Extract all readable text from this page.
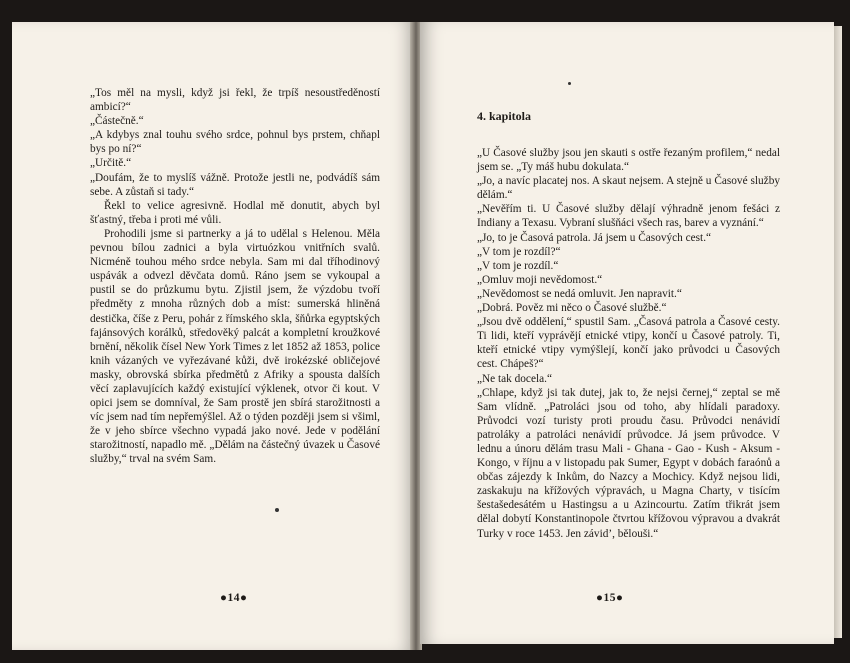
„Tos měl na mysli, když jsi řekl, že trpíš nesoustředěností ambicí?“

„Částečně.“

„A kdybys znal touhu svého srdce, pohnul bys prstem, chňapl bys po ní?“

„Určitě.“

„Doufám, že to myslíš vážně. Protože jestli ne, podvádíš sám sebe. A zůstaň si tady.“

Řekl to velice agresivně. Hodlal mě donutit, abych byl šťastný, třeba i proti mé vůli.

Prohodili jsme si partnerky a já to udělal s Helenou. Měla pevnou bílou zadnici a byla virtuózkou vnitřních svalů. Nicméně touhou mého srdce nebyla. Sam mi dal tříhodinový uspávák a odvezl děvčata domů. Ráno jsem se vykoupal a pustil se do průzkumu bytu. Zjistil jsem, že výzdobu tvoří předměty z mnoha různých dob a míst: sumerská hliněná destička, číše z Peru, pohár z římského skla, šňůrka egyptských fajánsových korálků, středověký palcát a kompletní kroužkové brnění, několik čísel New York Times z let 1852 až 1853, police knih vázaných ve vyřezávané kůži, dvě irokézské obličejové masky, obrovská sbírka předmětů z Afriky a spousta dalších věcí zaplavujících každý existující výklenek, otvor či kout. V opici jsem se domníval, že Sam prostě jen sbírá starožitnosti a víc jsem nad tím nepřemýšlel. Až o týden později jsem si všiml, že v jeho sbírce všechno vypadá jako nové. Jede v podělání starožitností, napadlo mě. „Dělám na částečný úvazek u Časové služby,“ trval na svém Sam.

●14●
4. kapitola

„U Časové služby jsou jen skauti s ostře řezaným profilem,“ nedal jsem se. „Ty máš hubu dokulata.“

„Jo, a navíc placatej nos. A skaut nejsem. A stejně u Časové služby dělám.“

„Nevěřím ti. U Časové služby dělají výhradně jenom fešáci z Indiany a Texasu. Vybraní slušňáci všech ras, barev a vyznání.“

„Jo, to je Časová patrola. Já jsem u Časových cest.“

„V tom je rozdíl?“

„V tom je rozdíl.“

„Omluv moji nevědomost.“

„Nevědomost se nedá omluvit. Jen napravit.“

„Dobrá. Pověz mi něco o Časové službě.“

„Jsou dvě oddělení,“ spustil Sam. „Časová patrola a Časové cesty. Ti lidi, kteří vyprávějí etnické vtipy, končí u Časové patroly. Ti, kteří etnické vtipy vymýšlejí, končí jako průvodci u Časových cest. Chápeš?“

„Ne tak docela.“

„Chlape, když jsi tak dutej, jak to, že nejsi černej,“ zeptal se mě Sam vlídně. „Patroláci jsou od toho, aby hlídali paradoxy. Průvodci vozí turisty proti proudu času. Průvodci nenávidí patroláky a patroláci nenávidí průvodce. Já jsem průvodce. V lednu a únoru dělám trasu Mali - Ghana - Gao - Kush - Aksum - Kongo, v říjnu a v listopadu pak Sumer, Egypt v dobách faraónů a občas zájezdy k Inkům, do Nazcy a Mochicy. Když nejsou lidi, zaskakuju na křížových výpravách, u Magna Charty, v tisícím šestašedesátém u Hastingsu a u Azincourtu. Zatím třikrát jsem dělal dobytí Konstantinopole čtvrtou křížovou výpravou a dvakrát Turky v roce 1453. Jen závid’, bělouši.“

●15●
